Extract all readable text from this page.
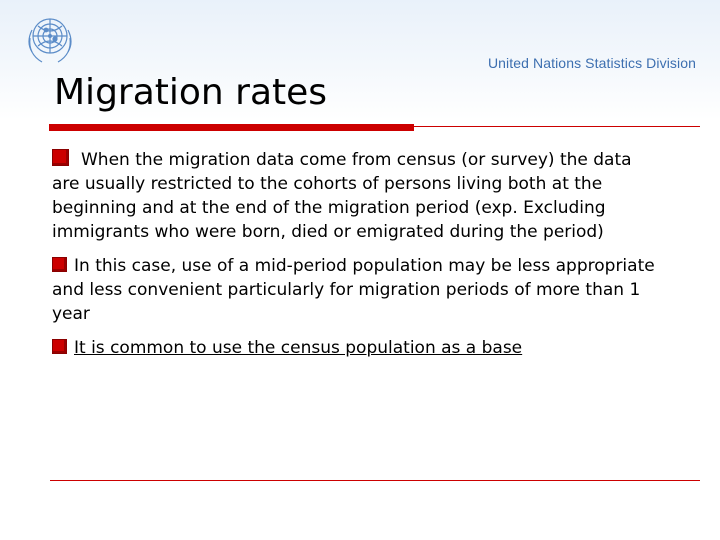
United Nations Statistics Division
Migration rates

When the migration data come from census (or survey) the data are usually restricted to the cohorts of persons living both at the beginning and at the end of the migration period (exp. Excluding immigrants who were born, died or emigrated during the period)

In this case, use of a mid-period population may be less appropriate and less convenient particularly for migration periods of more than 1 year

It is common to use the census population as a base
